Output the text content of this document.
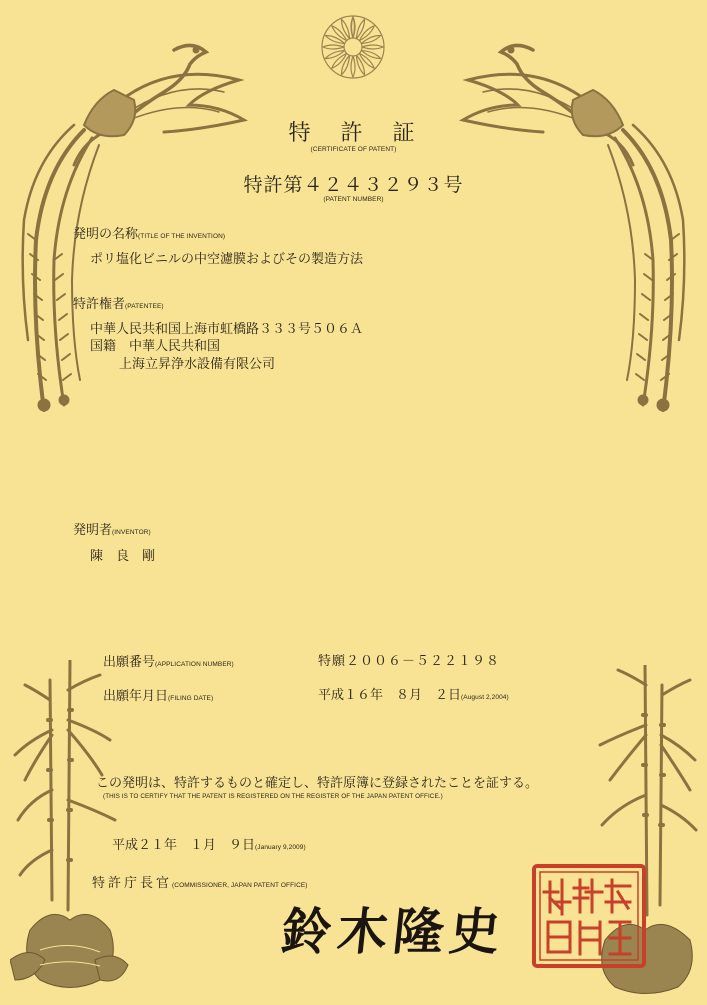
特　許　証
(CERTIFICATE OF PATENT)
特許第４２４３２９３号
(PATENT NUMBER)
発明の名称(TITLE OF THE INVENTION)
ポリ塩化ビニルの中空濾膜およびその製造方法
特許権者(PATENTEE)
中華人民共和国上海市虹橋路３３３号５０６Ａ
国籍　中華人民共和国
上海立昇浄水設備有限公司
発明者(INVENTOR)
陳　良　剛
出願番号(APPLICATION NUMBER)	特願２００６－５２２１９８
出願年月日(FILING DATE)	平成１６年　８月　２日(August 2,2004)
この発明は、特許するものと確定し、特許原簿に登録されたことを証する。
(THIS IS TO CERTIFY THAT THE PATENT IS REGISTERED ON THE REGISTER OF THE JAPAN PATENT OFFICE.)
平成２１年　１月　９日(January 9,2009)
特許庁長官(COMMISSIONER, JAPAN PATENT OFFICE)
鈴木隆史
